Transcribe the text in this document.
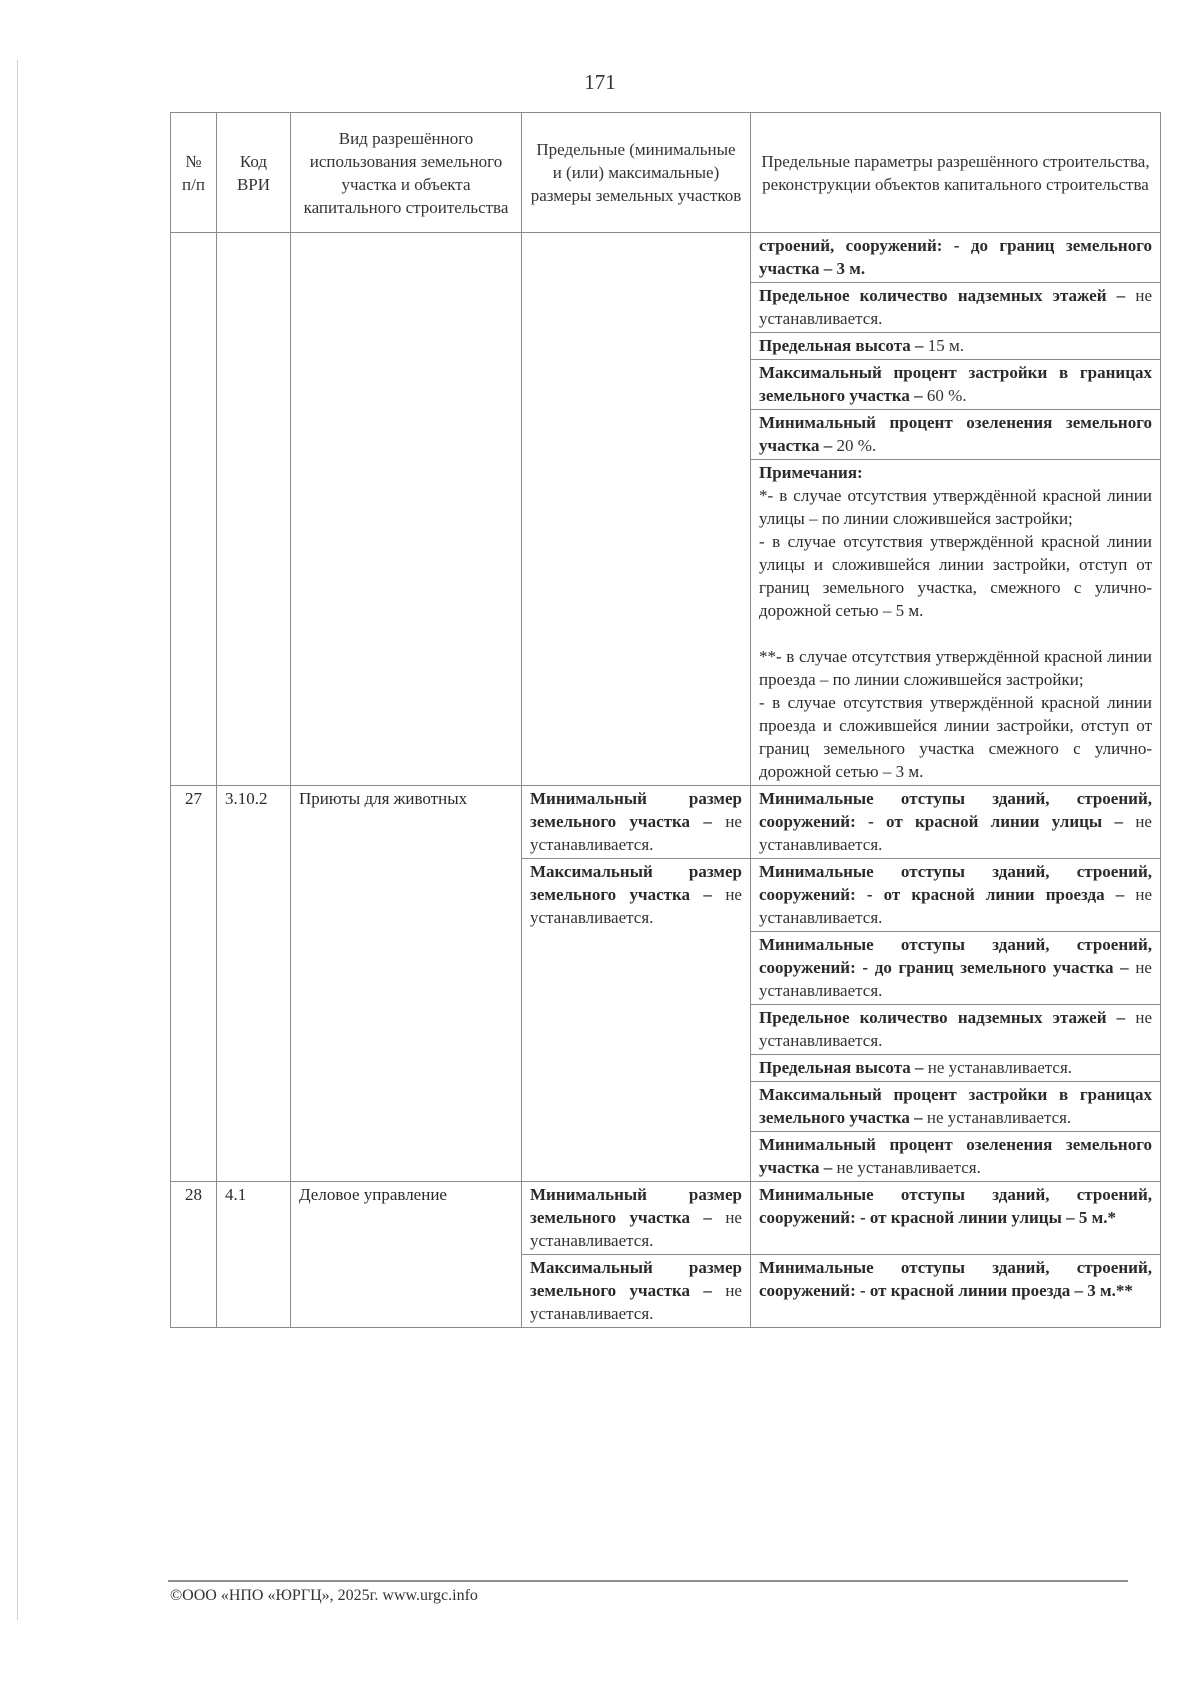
171
№ п/п	Код ВРИ	Вид разрешённого использования земельного участка и объекта капитального строительства	Предельные (минимальные и (или) максимальные) размеры земельных участков	Предельные параметры разрешённого строительства, реконструкции объектов капитального строительства
				строений, сооружений: - до границ земельного участка – 3 м.
				Предельное количество надземных этажей – не устанавливается.
				Предельная высота – 15 м.
				Максимальный процент застройки в границах земельного участка – 60 %.
				Минимальный процент озеленения земельного участка – 20 %.

				Примечания:

*- в случае отсутствия утверждённой красной линии улицы – по линии сложившейся застройки;

- в случае отсутствия утверждённой красной линии улицы и сложившейся линии застройки, отступ от границ земельного участка, смежного с улично-дорожной сетью – 5 м.

**- в случае отсутствия утверждённой красной линии проезда – по линии сложившейся застройки;

- в случае отсутствия утверждённой красной линии проезда и сложившейся линии застройки, отступ от границ земельного участка смежного с улично-дорожной сетью – 3 м.

27	3.10.2	Приюты для животных	Минимальный размер земельного участка – не устанавливается.	Минимальные отступы зданий, строений, сооружений: - от красной линии улицы – не устанавливается.
			Максимальный размер земельного участка – не устанавливается.	Минимальные отступы зданий, строений, сооружений: - от красной линии проезда – не устанавливается.
				Минимальные отступы зданий, строений, сооружений: - до границ земельного участка – не устанавливается.
				Предельное количество надземных этажей – не устанавливается.
				Предельная высота – не устанавливается.
				Максимальный процент застройки в границах земельного участка – не устанавливается.
				Минимальный процент озеленения земельного участка – не устанавливается.
28	4.1	Деловое управление	Минимальный размер земельного участка – не устанавливается.	Минимальные отступы зданий, строений, сооружений: - от красной линии улицы – 5 м.*
			Максимальный размер земельного участка – не устанавливается.	Минимальные отступы зданий, строений, сооружений: - от красной линии проезда – 3 м.**
©ООО «НПО «ЮРГЦ», 2025г. www.urgc.info
